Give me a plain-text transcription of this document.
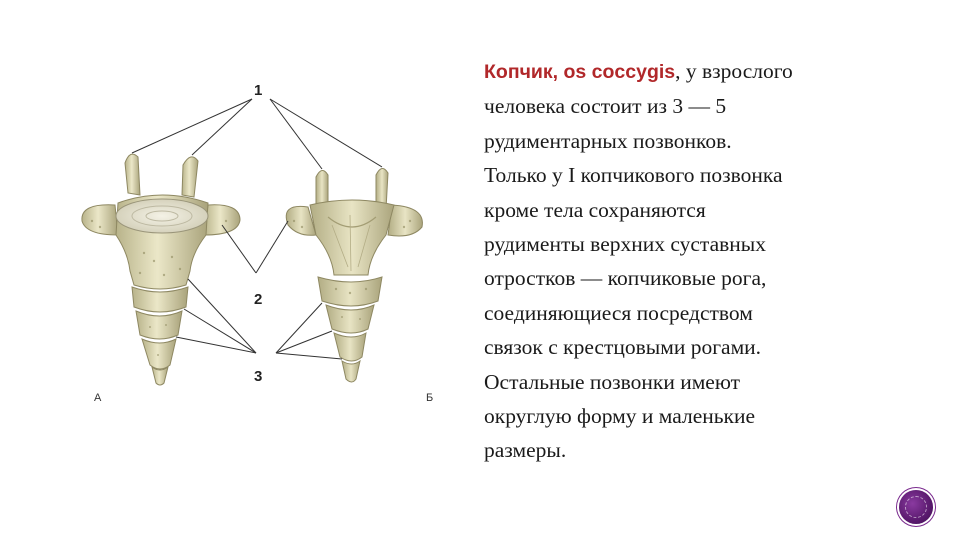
1
2
3
А	Б

Копчик, os coccygis, у взрослого

человека состоит из 3 — 5

рудиментарных позвонков.

Только у I копчикового позвонка

кроме тела сохраняются

рудименты верхних суставных

отростков — копчиковые рога,

соединяющиеся посредством

связок с крестцовыми рогами.

Остальные позвонки имеют

округлую форму и маленькие

размеры.
